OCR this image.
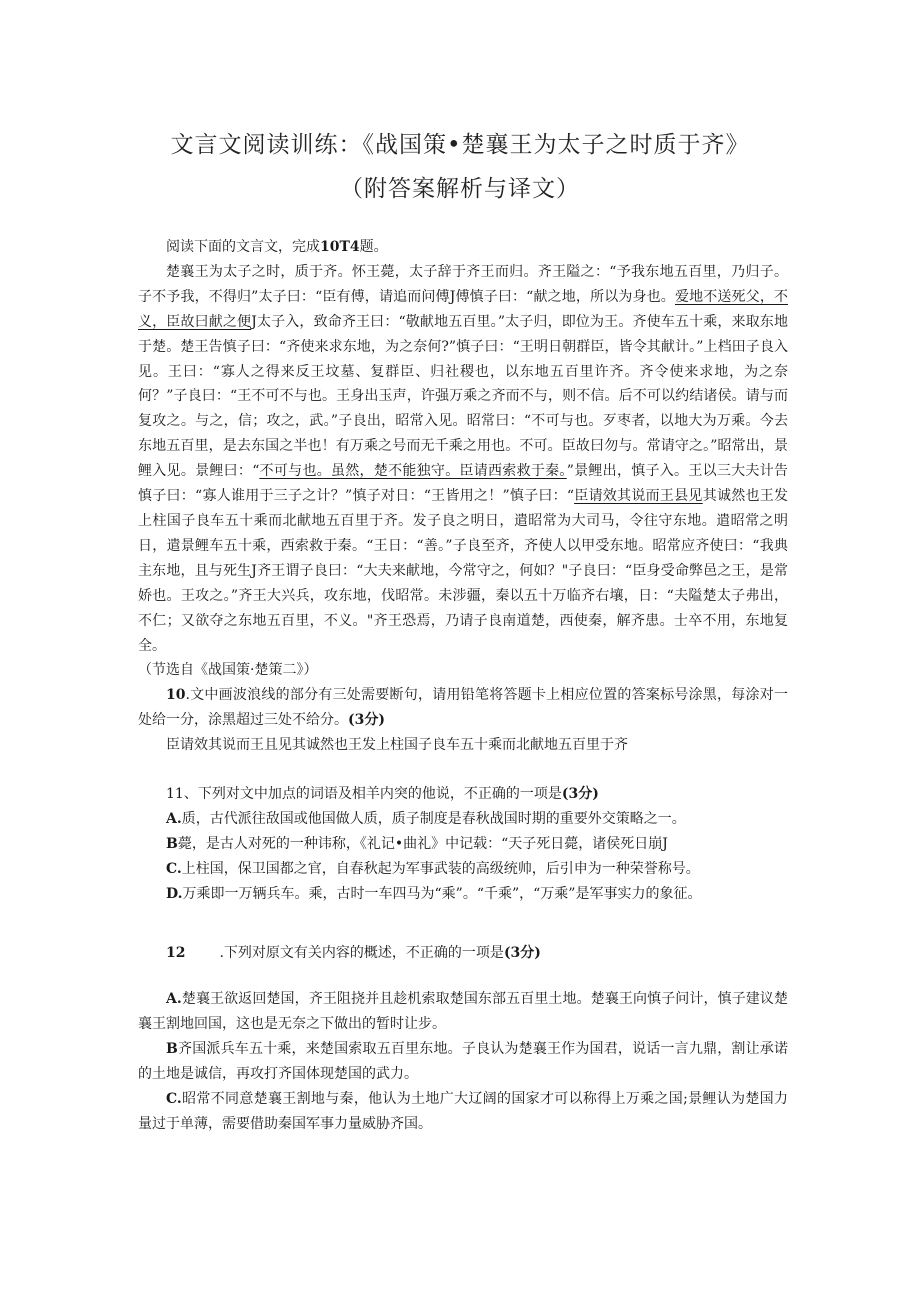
文言文阅读训练：《战国策•楚襄王为太子之时质于齐》
（附答案解析与译文）

阅读下面的文言文，完成10T4题。

楚襄王为太子之时，质于齐。怀王薨，太子辞于齐王而归。齐王隘之：“予我东地五百里，乃归子。子不予我，不得归”太子曰：“臣有傅，请追而问傅J傅慎子曰：“献之地，所以为身也。爱地不送死父，不义，臣故曰献之便J太子入，致命齐王曰：“敬献地五百里。”太子归，即位为王。齐使车五十乘，来取东地于楚。楚王告慎子曰：“齐使来求东地，为之奈何?”慎子曰：“王明日朝群臣，皆令其献计。”上档田子良入见。王曰：“寡人之得来反王坟墓、复群臣、归社稷也，以东地五百里许齐。齐令使来求地，为之奈何？”子良曰：“王不可不与也。王身出玉声，许强万乘之齐而不与，则不信。后不可以约结诸侯。请与而复攻之。与之，信；攻之，武。”子良出，昭常入见。昭常曰：“不可与也。歹枣者，以地大为万乘。今去东地五百里，是去东国之半也！有万乘之号而无千乘之用也。不可。臣故曰勿与。常请守之。”昭常出，景鲤入见。景鲤曰：“不可与也。虽然，楚不能独守。臣请西索救于秦。”景鲤出，慎子入。王以三大夫计告慎子曰：“寡人谁用于三子之计？”慎子对日：“王皆用之！”慎子曰：“臣请效其说而王县见其诚然也王发上柱国子良车五十乘而北献地五百里于齐。发子良之明日，遣昭常为大司马，令往守东地。遣昭常之明日，遣景鲤车五十乘，西索救于秦。“王日：“善。”子良至齐，齐使人以甲受东地。昭常应齐使曰：“我典主东地，且与死生J齐王谓子良曰：“大夫来献地，今常守之，何如？"子良曰：“臣身受命弊邑之王，是常娇也。王攻之。”齐王大兴兵，攻东地，伐昭常。未涉疆，秦以五十万临齐右壤，日：“夫隘楚太子弗出，不仁；又欲夺之东地五百里，不义。"齐王恐焉，乃请子良南道楚，西使秦，解齐患。士卒不用，东地复全。

（节选自《战国策·楚策二》）

10.文中画波浪线的部分有三处需要断句，请用铅笔将答题卡上相应位置的答案标号涂黑，每涂对一处给一分，涂黑超过三处不给分。(3分)

臣请效其说而王且见其诚然也王发上柱国子良车五十乘而北献地五百里于齐

11、下列对文中加点的词语及相羊内突的他说，不正确的一项是(3分)

A.质，古代派往敌国或他国做人质，质子制度是春秋战国时期的重要外交策略之一。

B薨，是古人对死的一种讳称，《礼记•曲礼》中记载：“天子死日薨，诸侯死日崩J

C.上柱国，保卫国都之官，自春秋起为军事武装的高级统帅，后引申为一种荣誉称号。

D.万乘即一万辆兵车。乘，古时一车四马为“乘”。“千乘”，“万乘”是军事实力的象征。

12 .下列对原文有关内容的概述，不正确的一项是(3分)

A.楚襄王欲返回楚国，齐王阻挠并且趁机索取楚国东部五百里土地。楚襄王向慎子问计，慎子建议楚襄王割地回国，这也是无奈之下做出的暂时让步。

B齐国派兵车五十乘，来楚国索取五百里东地。子良认为楚襄王作为国君，说话一言九鼎，割让承诺的土地是诚信，再攻打齐国体现楚国的武力。

C.昭常不同意楚襄王割地与秦，他认为土地广大辽阔的国家才可以称得上万乘之国;景鲤认为楚国力量过于单薄，需要借助秦国军事力量威胁齐国。
